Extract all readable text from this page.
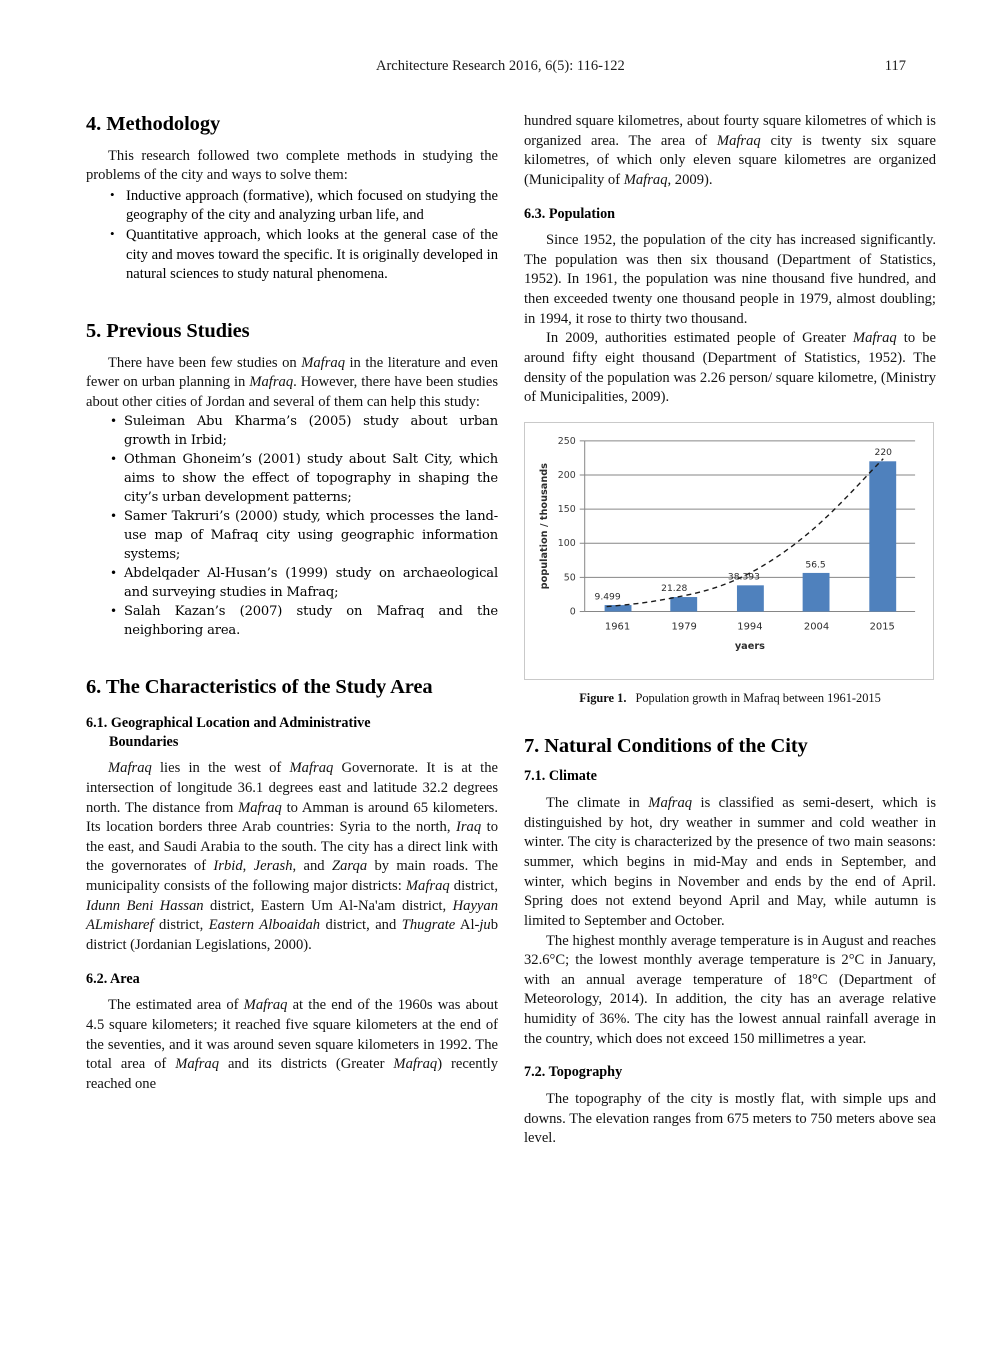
Architecture Research 2016, 6(5): 116-122	117
4. Methodology

This research followed two complete methods in studying the problems of the city and ways to solve them:

• Inductive approach (formative), which focused on studying the geography of the city and analyzing urban life, and
• Quantitative approach, which looks at the general case of the city and moves toward the specific. It is originally developed in natural sciences to study natural phenomena.
5. Previous Studies

There have been few studies on Mafraq in the literature and even fewer on urban planning in Mafraq. However, there have been studies about other cities of Jordan and several of them can help this study:

• Suleiman Abu Kharma’s (2005) study about urban growth in Irbid;
• Othman Ghoneim’s (2001) study about Salt City, which aims to show the effect of topography in shaping the city’s urban development patterns;
• Samer Takruri’s (2000) study, which processes the land-use map of Mafraq city using geographic information systems;
• Abdelqader Al-Husan’s (1999) study on archaeological and surveying studies in Mafraq;
• Salah Kazan’s (2007) study on Mafraq and the neighboring area.
6. The Characteristics of the Study Area
6.1. Geographical Location and Administrative
Boundaries

Mafraq lies in the west of Mafraq Governorate. It is at the intersection of longitude 36.1 degrees east and latitude 32.2 degrees north. The distance from Mafraq to Amman is around 65 kilometers. Its location borders three Arab countries: Syria to the north, Iraq to the east, and Saudi Arabia to the south. The city has a direct link with the governorates of Irbid, Jerash, and Zarqa by main roads. The municipality consists of the following major districts: Mafraq district, Idunn Beni Hassan district, Eastern Um Al-Na'am district, Hayyan ALmisharef district, Eastern Alboaidah district, and Thugrate Al-jub district (Jordanian Legislations, 2000).

6.2. Area

The estimated area of Mafraq at the end of the 1960s was about 4.5 square kilometers; it reached five square kilometers at the end of the seventies, and it was around seven square kilometers in 1992. The total area of Mafraq and its districts (Greater Mafraq) recently reached one

hundred square kilometres, about fourty square kilometres of which is organized area. The area of Mafraq city is twenty six square kilometres, of which only eleven square kilometres are organized (Municipality of Mafraq, 2009).

6.3. Population

Since 1952, the population of the city has increased significantly. The population was then six thousand (Department of Statistics, 1952). In 1961, the population was nine thousand five hundred, and then exceeded twenty one thousand people in 1979, almost doubling; in 1994, it rose to thirty two thousand.

In 2009, authorities estimated people of Greater Mafraq to be around fifty eight thousand (Department of Statistics, 1952). The density of the population was 2.26 person/ square kilometre, (Ministry of Municipalities, 2009).

0
50
100
150
200
250
population / thousands
9.499
21.28
38.393
56.5
220
1961	1979	1994	2004	2015
yaers
Figure 1. Population growth in Mafraq between 1961-2015
7. Natural Conditions of the City
7.1. Climate

The climate in Mafraq is classified as semi-desert, which is distinguished by hot, dry weather in summer and cold weather in winter. The city is characterized by the presence of two main seasons: summer, which begins in mid-May and ends in September, and winter, which begins in November and ends by the end of April. Spring does not extend beyond April and May, while autumn is limited to September and October.

The highest monthly average temperature is in August and reaches 32.6°C; the lowest monthly average temperature is 2°C in January, with an annual average temperature of 18°C (Department of Meteorology, 2014). In addition, the city has an average relative humidity of 36%. The city has the lowest annual rainfall average in the country, which does not exceed 150 millimetres a year.

7.2. Topography

The topography of the city is mostly flat, with simple ups and downs. The elevation ranges from 675 meters to 750 meters above sea level.
